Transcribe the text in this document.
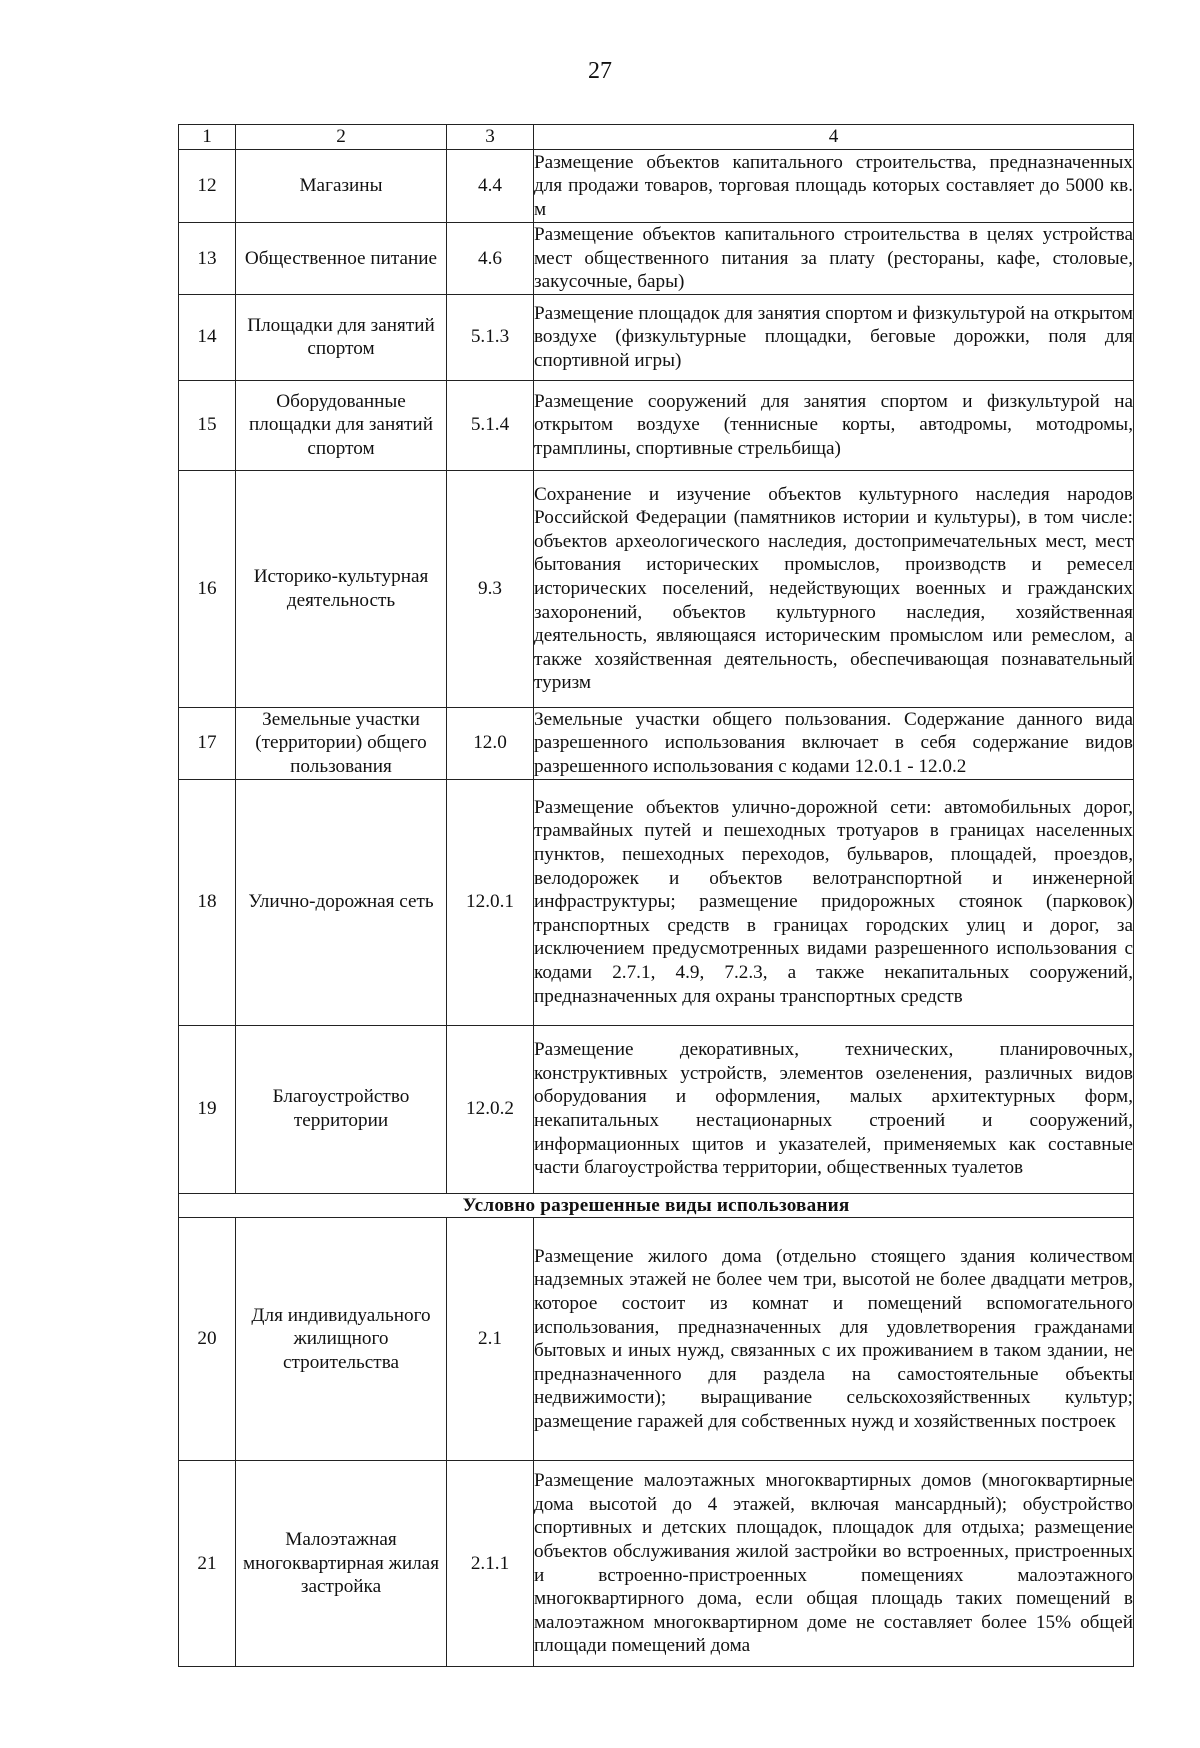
27
1	2	3	4
12	Магазины	4.4	Размещение объектов капитального строительства, предназначенных для продажи товаров, торговая площадь которых составляет до 5000 кв. м
13	Общественное питание	4.6	Размещение объектов капитального строительства в целях устройства мест общественного питания за плату (рестораны, кафе, столовые, закусочные, бары)
14	Площадки для занятий спортом	5.1.3	Размещение площадок для занятия спортом и физкультурой на открытом воздухе (физкультурные площадки, беговые дорожки, поля для спортивной игры)
15	Оборудованные площадки для занятий спортом	5.1.4	Размещение сооружений для занятия спортом и физкультурой на открытом воздухе (теннисные корты, автодромы, мотодромы, трамплины, спортивные стрельбища)
16	Историко-культурная деятельность	9.3	Сохранение и изучение объектов культурного наследия народов Российской Федерации (памятников истории и культуры), в том числе: объектов археологического наследия, достопримечательных мест, мест бытования исторических промыслов, производств и ремесел исторических поселений, недействующих военных и гражданских захоронений, объектов культурного наследия, хозяйственная деятельность, являющаяся историческим промыслом или ремеслом, а также хозяйственная деятельность, обеспечивающая познавательный туризм
17	Земельные участки (территории) общего пользования	12.0	Земельные участки общего пользования. Содержание данного вида разрешенного использования включает в себя содержание видов разрешенного использования с кодами 12.0.1 - 12.0.2
18	Улично-дорожная сеть	12.0.1	Размещение объектов улично-дорожной сети: автомобильных дорог, трамвайных путей и пешеходных тротуаров в границах населенных пунктов, пешеходных переходов, бульваров, площадей, проездов, велодорожек и объектов велотранспортной и инженерной инфраструктуры; размещение придорожных стоянок (парковок) транспортных средств в границах городских улиц и дорог, за исключением предусмотренных видами разрешенного использования с кодами 2.7.1, 4.9, 7.2.3, а также некапитальных сооружений, предназначенных для охраны транспортных средств
19	Благоустройство территории	12.0.2	Размещение декоративных, технических, планировочных, конструктивных устройств, элементов озеленения, различных видов оборудования и оформления, малых архитектурных форм, некапитальных нестационарных строений и сооружений, информационных щитов и указателей, применяемых как составные части благоустройства территории, общественных туалетов
Условно разрешенные виды использования			
20	Для индивидуального жилищного строительства	2.1	Размещение жилого дома (отдельно стоящего здания количеством надземных этажей не более чем три, высотой не более двадцати метров, которое состоит из комнат и помещений вспомогательного использования, предназначенных для удовлетворения гражданами бытовых и иных нужд, связанных с их проживанием в таком здании, не предназначенного для раздела на самостоятельные объекты недвижимости); выращивание сельскохозяйственных культур; размещение гаражей для собственных нужд и хозяйственных построек
21	Малоэтажная многоквартирная жилая застройка	2.1.1	Размещение малоэтажных многоквартирных домов (многоквартирные дома высотой до 4 этажей, включая мансардный); обустройство спортивных и детских площадок, площадок для отдыха; размещение объектов обслуживания жилой застройки во встроенных, пристроенных и встроенно-пристроенных помещениях малоэтажного многоквартирного дома, если общая площадь таких помещений в малоэтажном многоквартирном доме не составляет более 15% общей площади помещений дома
